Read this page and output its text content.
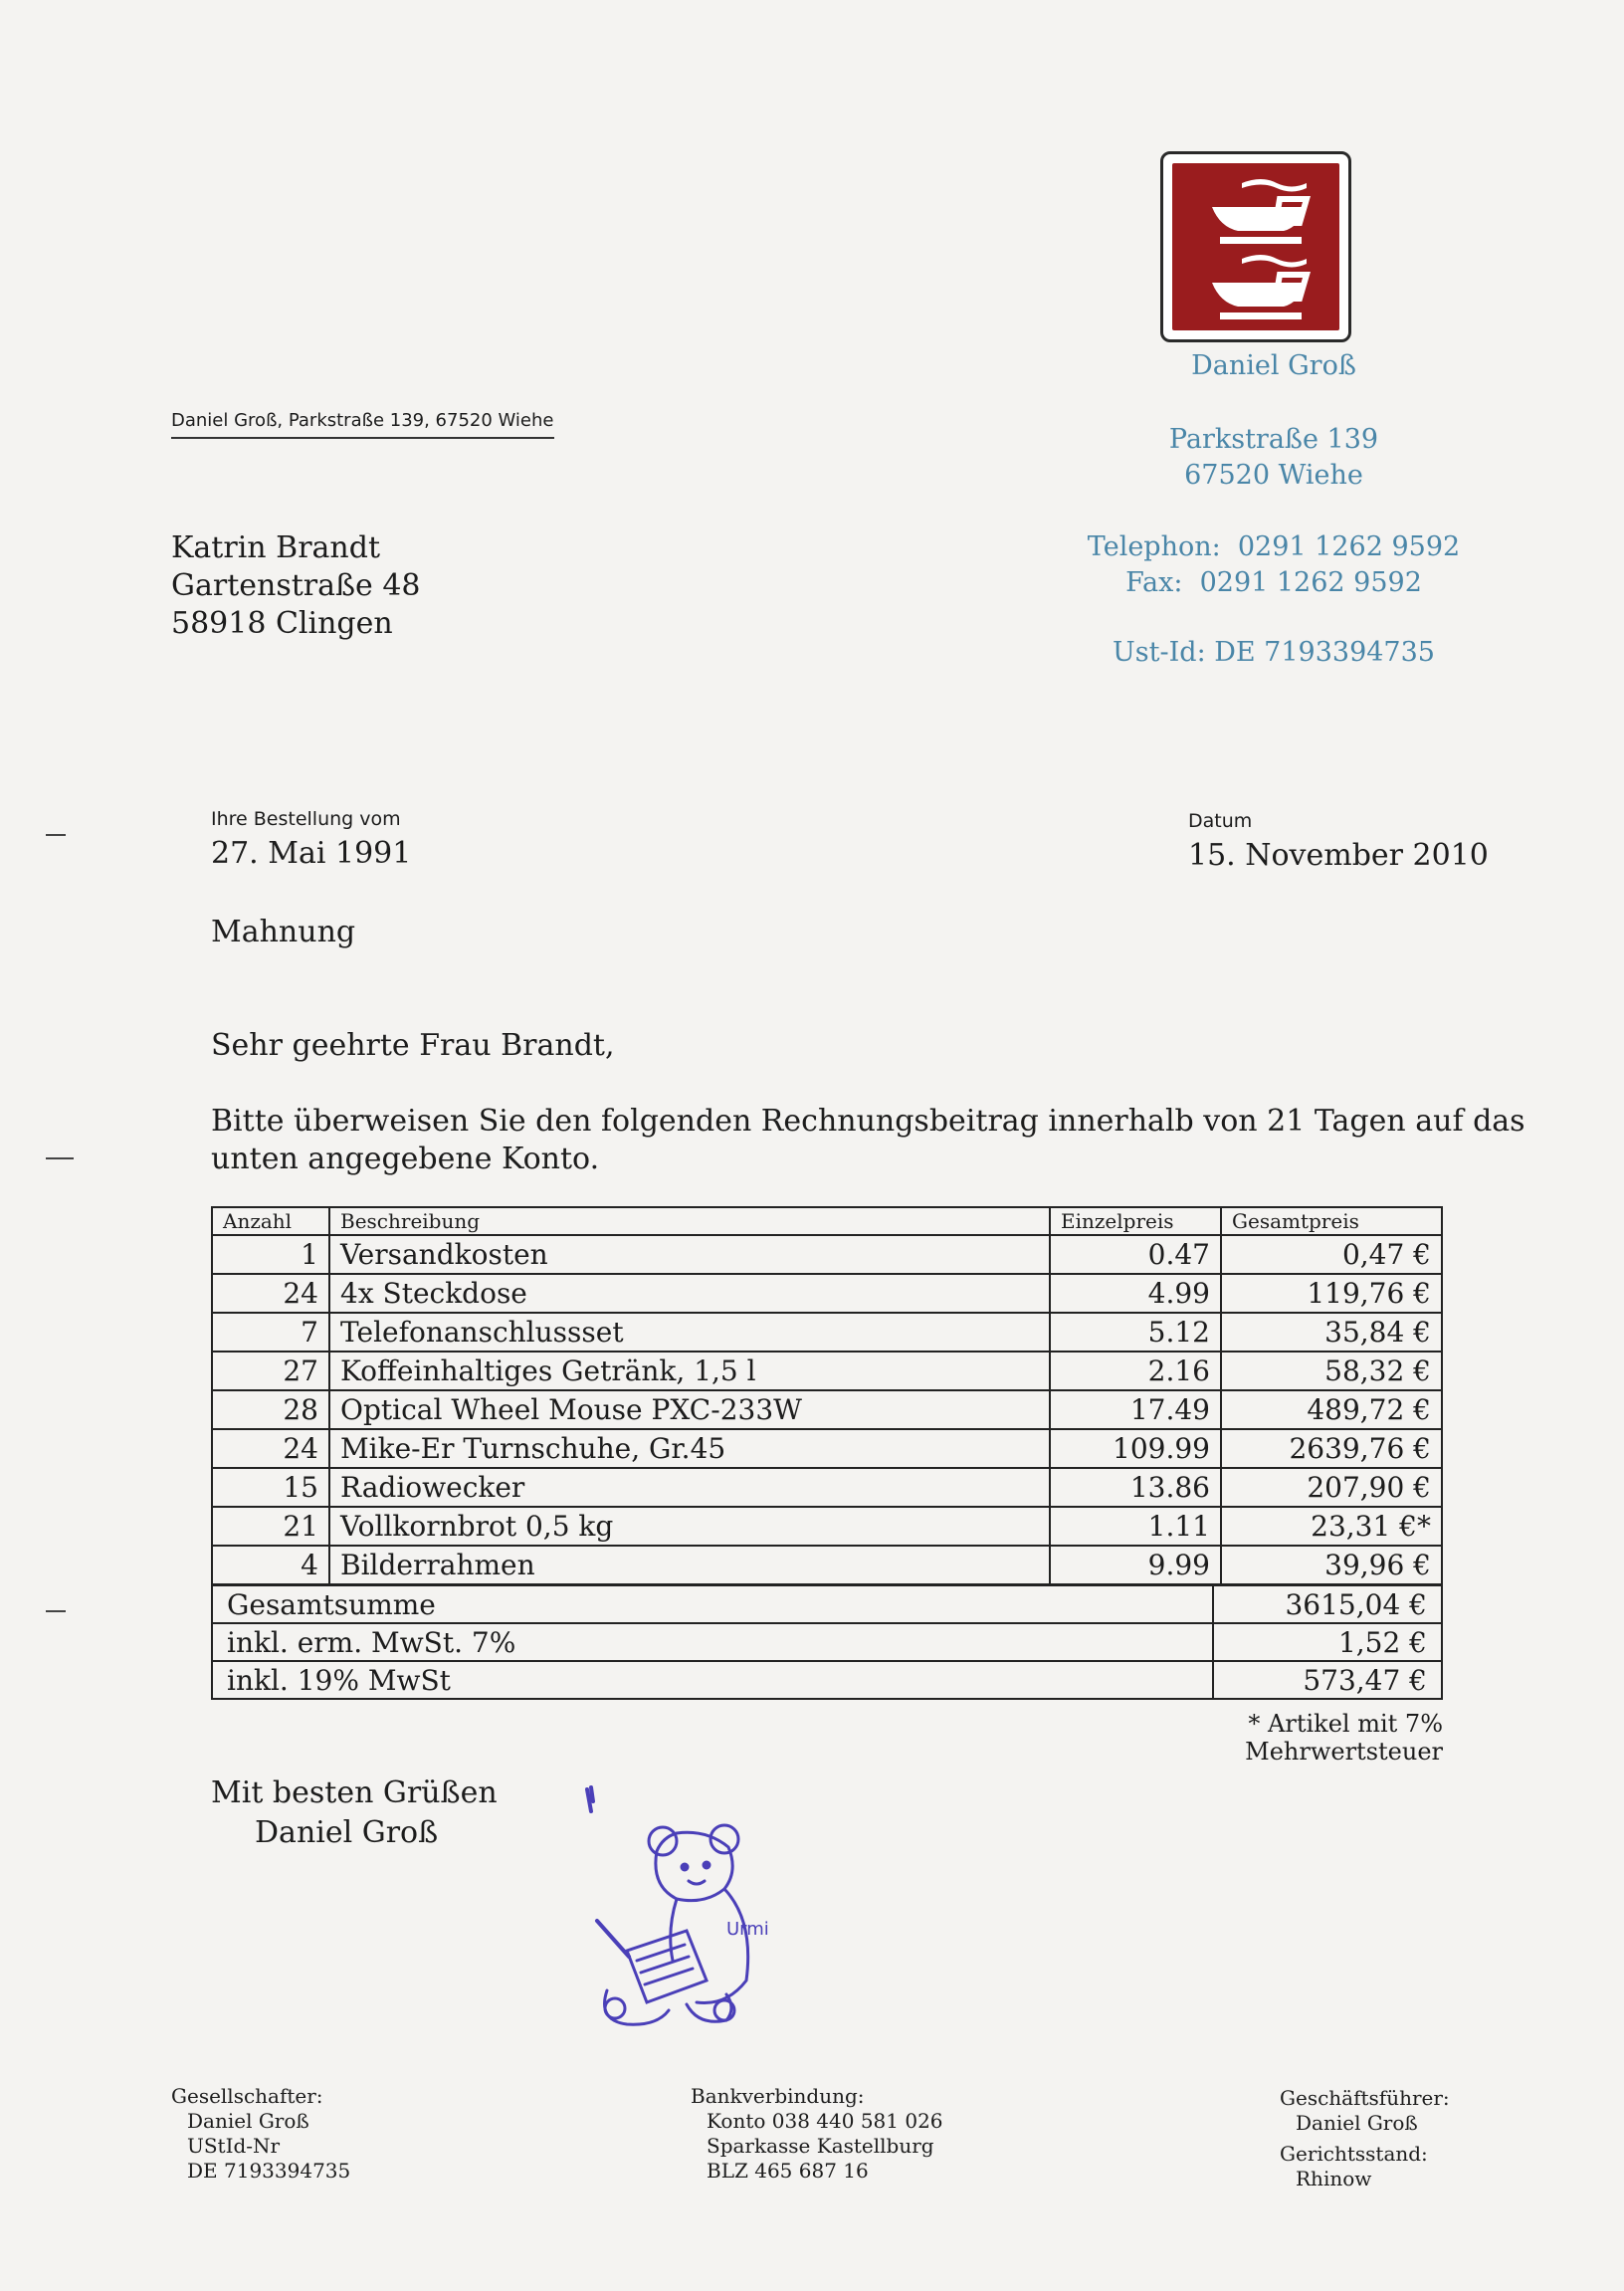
Daniel Groß
Parkstraße 139
67520 Wiehe
Telephon:  0291 1262 9592
Fax:  0291 1262 9592
Ust-Id: DE 7193394735
Daniel Groß, Parkstraße 139, 67520 Wiehe
Katrin Brandt
Gartenstraße 48
58918 Clingen
Ihre Bestellung vom
27. Mai 1991
Datum
15. November 2010
Mahnung
Sehr geehrte Frau Brandt,
Bitte überweisen Sie den folgenden Rechnungsbeitrag innerhalb von 21 Tagen auf das
unten angegebene Konto.
Anzahl	Beschreibung	Einzelpreis	Gesamtpreis
1	Versandkosten	0.47	0,47 €
24	4x Steckdose	4.99	119,76 €
7	Telefonanschlussset	5.12	35,84 €
27	Koffeinhaltiges Getränk, 1,5 l	2.16	58,32 €
28	Optical Wheel Mouse PXC-233W	17.49	489,72 €
24	Mike-Er Turnschuhe, Gr.45	109.99	2639,76 €
15	Radiowecker	13.86	207,90 €
21	Vollkornbrot 0,5 kg	1.11	23,31 €*
4	Bilderrahmen	9.99	39,96 €
Gesamtsumme	3615,04 €
inkl. erm. MwSt. 7%	1,52 €
inkl. 19% MwSt	573,47 €
* Artikel mit 7% Mehrwertsteuer
Mit besten Grüßen
Daniel Groß
Urmi
Gesellschafter:
Daniel Groß
UStId-Nr
DE 7193394735
Bankverbindung:
Konto 038 440 581 026
Sparkasse Kastellburg
BLZ 465 687 16
Geschäftsführer:
Daniel Groß
Gerichtsstand:
Rhinow
